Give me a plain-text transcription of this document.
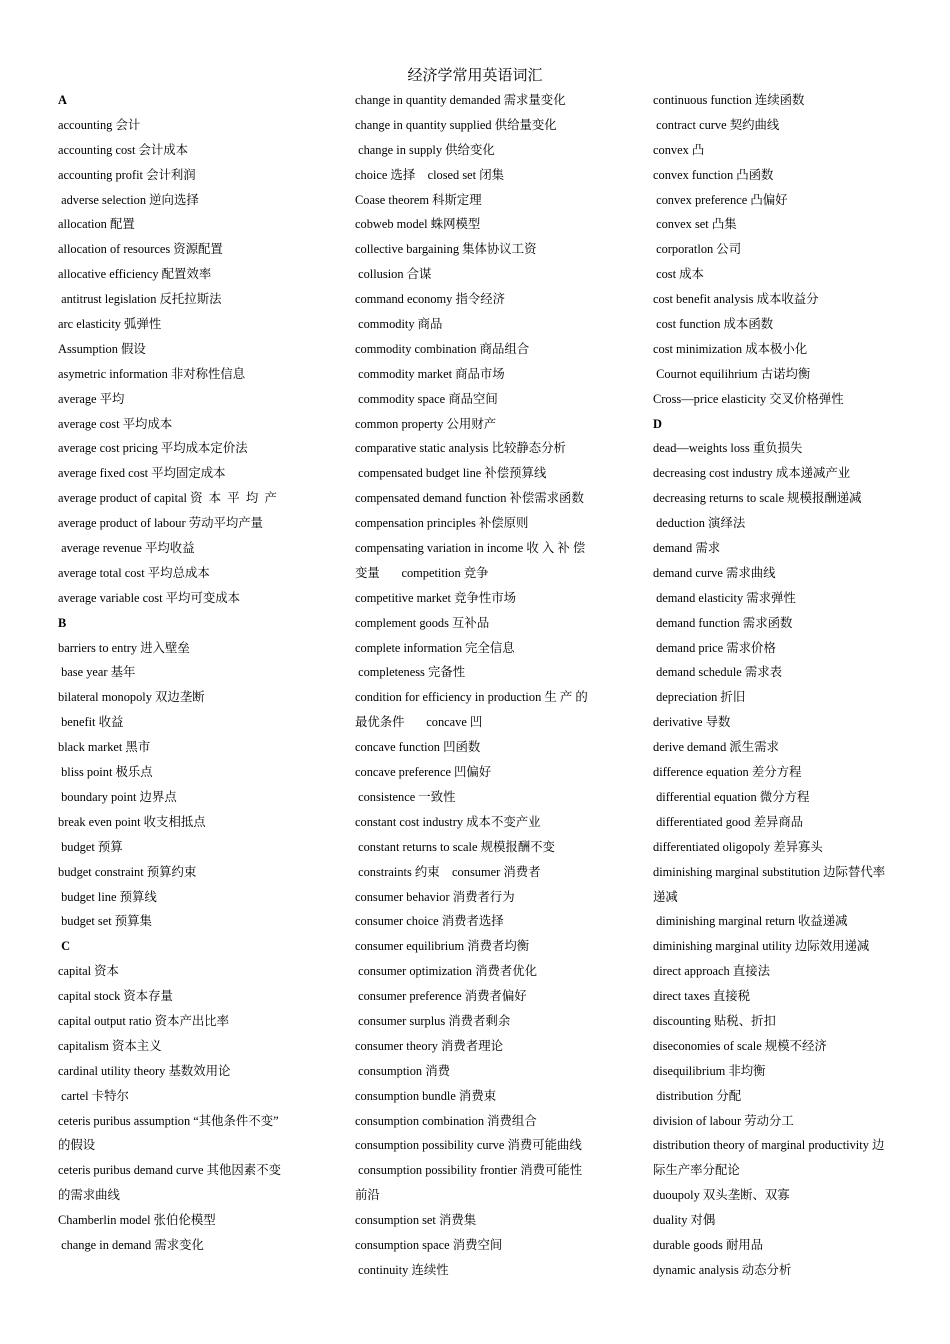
经济学常用英语词汇
A
accounting 会计
accounting cost 会计成本
accounting profit 会计利润
adverse selection 逆向选择
allocation 配置
allocation of resources 资源配置
allocative efficiency 配置效率
antitrust legislation 反托拉斯法
arc elasticity 弧弹性
Assumption 假设
asymetric information 非对称性信息
average 平均
average cost 平均成本
average cost pricing 平均成本定价法
average fixed cost 平均固定成本
average product of capital 资  本  平  均  产
average product of labour 劳动平均产量
average revenue 平均收益
average total cost 平均总成本
average variable cost 平均可变成本
B
barriers to entry 进入壁垒
base year 基年
bilateral monopoly 双边垄断
benefit 收益
black market 黑市
bliss point 极乐点
boundary point 边界点
break even point 收支相抵点
budget 预算
budget constraint 预算约束
budget line 预算线
budget set 预算集
C
capital 资本
capital stock 资本存量
capital output ratio 资本产出比率
capitalism 资本主义
cardinal utility theory 基数效用论
cartel 卡特尔
ceteris puribus assumption “其他条件不变”
的假设
ceteris puribus demand curve 其他因素不变
的需求曲线
Chamberlin model 张伯伦模型
change in demand 需求变化
change in quantity demanded 需求量变化
change in quantity supplied 供给量变化
change in supply 供给变化
choice 选择    closed set 闭集
Coase theorem 科斯定理
cobweb model 蛛网模型
collective bargaining 集体协议工资
collusion 合谋
command economy 指令经济
commodity 商品
commodity combination 商品组合
commodity market 商品市场
commodity space 商品空间
common property 公用财产
comparative static analysis 比较静态分析
compensated budget line 补偿预算线
compensated demand function 补偿需求函数
compensation principles 补偿原则
compensating variation in income 收 入 补 偿
变量       competition 竞争
competitive market 竞争性市场
complement goods 互补品
complete information 完全信息
completeness 完备性
condition for efficiency in production 生 产 的
最优条件       concave 凹
concave function 凹函数
concave preference 凹偏好
consistence 一致性
constant cost industry 成本不变产业
constant returns to scale 规模报酬不变
constraints 约束    consumer 消费者
consumer behavior 消费者行为
consumer choice 消费者选择
consumer equilibrium 消费者均衡
consumer optimization 消费者优化
consumer preference 消费者偏好
consumer surplus 消费者剩余
consumer theory 消费者理论
consumption 消费
consumption bundle 消费束
consumption combination 消费组合
consumption possibility curve 消费可能曲线
consumption possibility frontier 消费可能性
前沿
consumption set 消费集
consumption space 消费空间
continuity 连续性
continuous function 连续函数
contract curve 契约曲线
convex 凸
convex function 凸函数
convex preference 凸偏好
convex set 凸集
corporatlon 公司
cost 成本
cost benefit analysis 成本收益分
cost function 成本函数
cost minimization 成本极小化
Cournot equilihrium 古诺均衡
Cross—price elasticity 交叉价格弹性
D
dead—weights loss 重负损失
decreasing cost industry 成本递减产业
decreasing returns to scale 规模报酬递减
deduction 演绎法
demand 需求
demand curve 需求曲线
demand elasticity 需求弹性
demand function 需求函数
demand price 需求价格
demand schedule 需求表
depreciation 折旧
derivative 导数
derive demand 派生需求
difference equation 差分方程
differential equation 微分方程
differentiated good 差异商品
differentiated oligopoly 差异寡头
diminishing marginal substitution 边际替代率
递减
diminishing marginal return 收益递减
diminishing marginal utility 边际效用递减
direct approach 直接法
direct taxes 直接税
discounting 贴税、折扣
diseconomies of scale 规模不经济
disequilibrium 非均衡
distribution 分配
division of labour 劳动分工
distribution theory of marginal productivity 边
际生产率分配论
duoupoly 双头垄断、双寡
duality 对偶
durable goods 耐用品
dynamic analysis 动态分析
